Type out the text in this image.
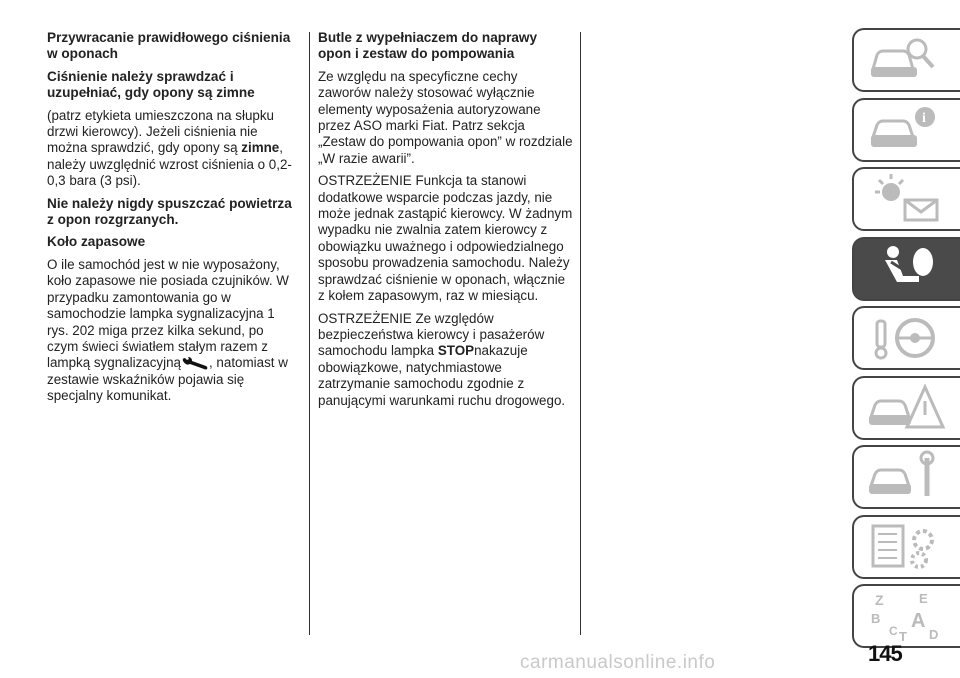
Przywracanie prawidłowego ciśnienia w oponach
Ciśnienie należy sprawdzać i uzupełniać, gdy opony są zimne

(patrz etykieta umieszczona na słupku drzwi kierowcy). Jeżeli ciśnienia nie można sprawdzić, gdy opony są zimne, należy uwzględnić wzrost ciśnienia o 0,2-0,3 bara (3 psi).

Nie należy nigdy spuszczać powietrza z opon rozgrzanych.
Koło zapasowe

O ile samochód jest w nie wyposażony, koło zapasowe nie posiada czujników. W przypadku zamontowania go w samochodzie lampka sygnalizacyjna 1 rys. 202 miga przez kilka sekund, po czym świeci światłem stałym razem z lampką sygnalizacyjną , natomiast w zestawie wskaźników pojawia się specjalny komunikat.

Butle z wypełniaczem do naprawy opon i zestaw do pompowania

Ze względu na specyficzne cechy zaworów należy stosować wyłącznie elementy wyposażenia autoryzowane przez ASO marki Fiat. Patrz sekcja „Zestaw do pompowania opon” w rozdziale „W razie awarii”.

OSTRZEŻENIE Funkcja ta stanowi dodatkowe wsparcie podczas jazdy, nie może jednak zastąpić kierowcy. W żadnym wypadku nie zwalnia zatem kierowcy z obowiązku uważnego i odpowiedzialnego sposobu prowadzenia samochodu. Należy sprawdzać ciśnienie w oponach, włącznie z kołem zapasowym, raz w miesiącu.

OSTRZEŻENIE Ze względów bezpieczeństwa kierowcy i pasażerów samochodu lampka STOPnakazuje obowiązkowe, natychmiastowe zatrzymanie samochodu zgodnie z panującymi warunkami ruchu drogowego.

i
Z	E
B A
C T D
145
carmanualsonline.info
